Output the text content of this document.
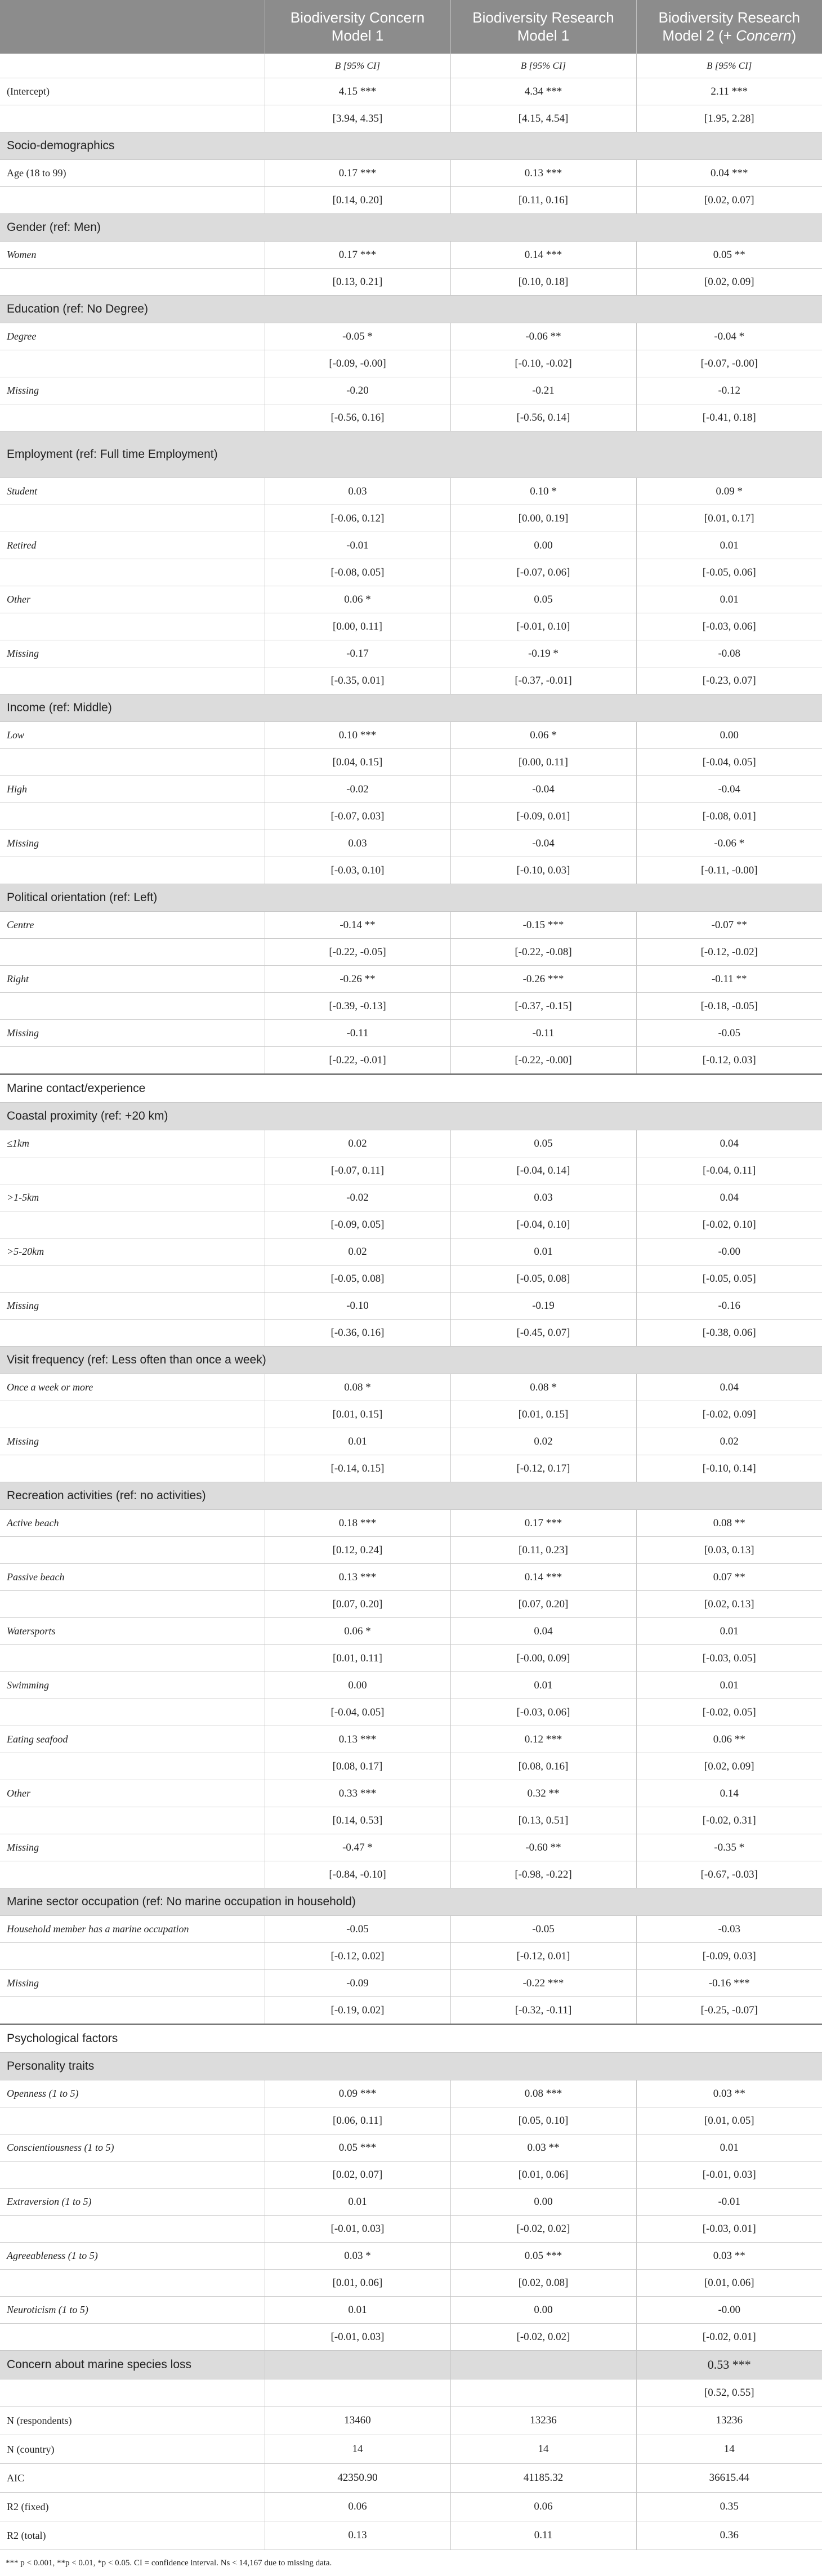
	Biodiversity Concern Model 1	Biodiversity Research Model 1	Biodiversity Research Model 2 (+ Concern)
	B [95% CI]	B [95% CI]	B [95% CI]
(Intercept)	4.15 ***	4.34 ***	2.11 ***
	[3.94, 4.35]	[4.15, 4.54]	[1.95, 2.28]
Socio-demographics			
Age (18 to 99)	0.17 ***	0.13 ***	0.04 ***
	[0.14, 0.20]	[0.11, 0.16]	[0.02, 0.07]
Gender (ref: Men)			
Women	0.17 ***	0.14 ***	0.05 **
	[0.13, 0.21]	[0.10, 0.18]	[0.02, 0.09]
Education (ref: No Degree)			
Degree	-0.05 *	-0.06 **	-0.04 *
	[-0.09, -0.00]	[-0.10, -0.02]	[-0.07, -0.00]
Missing	-0.20	-0.21	-0.12
	[-0.56, 0.16]	[-0.56, 0.14]	[-0.41, 0.18]
Employment (ref: Full time Employment)			
Student	0.03	0.10 *	0.09 *
	[-0.06, 0.12]	[0.00, 0.19]	[0.01, 0.17]
Retired	-0.01	0.00	0.01
	[-0.08, 0.05]	[-0.07, 0.06]	[-0.05, 0.06]
Other	0.06 *	0.05	0.01
	[0.00, 0.11]	[-0.01, 0.10]	[-0.03, 0.06]
Missing	-0.17	-0.19 *	-0.08
	[-0.35, 0.01]	[-0.37, -0.01]	[-0.23, 0.07]
Income (ref: Middle)			
Low	0.10 ***	0.06 *	0.00
	[0.04, 0.15]	[0.00, 0.11]	[-0.04, 0.05]
High	-0.02	-0.04	-0.04
	[-0.07, 0.03]	[-0.09, 0.01]	[-0.08, 0.01]
Missing	0.03	-0.04	-0.06 *
	[-0.03, 0.10]	[-0.10, 0.03]	[-0.11, -0.00]
Political orientation (ref: Left)			
Centre	-0.14 **	-0.15 ***	-0.07 **
	[-0.22, -0.05]	[-0.22, -0.08]	[-0.12, -0.02]
Right	-0.26 **	-0.26 ***	-0.11 **
	[-0.39, -0.13]	[-0.37, -0.15]	[-0.18, -0.05]
Missing	-0.11	-0.11	-0.05
	[-0.22, -0.01]	[-0.22, -0.00]	[-0.12, 0.03]
Marine contact/experience			
Coastal proximity (ref: +20 km)			
≤1km	0.02	0.05	0.04
	[-0.07, 0.11]	[-0.04, 0.14]	[-0.04, 0.11]
>1-5km	-0.02	0.03	0.04
	[-0.09, 0.05]	[-0.04, 0.10]	[-0.02, 0.10]
>5-20km	0.02	0.01	-0.00
	[-0.05, 0.08]	[-0.05, 0.08]	[-0.05, 0.05]
Missing	-0.10	-0.19	-0.16
	[-0.36, 0.16]	[-0.45, 0.07]	[-0.38, 0.06]
Visit frequency (ref: Less often than once a week)			
Once a week or more	0.08 *	0.08 *	0.04
	[0.01, 0.15]	[0.01, 0.15]	[-0.02, 0.09]
Missing	0.01	0.02	0.02
	[-0.14, 0.15]	[-0.12, 0.17]	[-0.10, 0.14]
Recreation activities (ref: no activities)			
Active beach	0.18 ***	0.17 ***	0.08 **
	[0.12, 0.24]	[0.11, 0.23]	[0.03, 0.13]
Passive beach	0.13 ***	0.14 ***	0.07 **
	[0.07, 0.20]	[0.07, 0.20]	[0.02, 0.13]
Watersports	0.06 *	0.04	0.01
	[0.01, 0.11]	[-0.00, 0.09]	[-0.03, 0.05]
Swimming	0.00	0.01	0.01
	[-0.04, 0.05]	[-0.03, 0.06]	[-0.02, 0.05]
Eating seafood	0.13 ***	0.12 ***	0.06 **
	[0.08, 0.17]	[0.08, 0.16]	[0.02, 0.09]
Other	0.33 ***	0.32 **	0.14
	[0.14, 0.53]	[0.13, 0.51]	[-0.02, 0.31]
Missing	-0.47 *	-0.60 **	-0.35 *
	[-0.84, -0.10]	[-0.98, -0.22]	[-0.67, -0.03]
Marine sector occupation (ref: No marine occupation in household)			
Household member has a marine occupation	-0.05	-0.05	-0.03
	[-0.12, 0.02]	[-0.12, 0.01]	[-0.09, 0.03]
Missing	-0.09	-0.22 ***	-0.16 ***
	[-0.19, 0.02]	[-0.32, -0.11]	[-0.25, -0.07]
Psychological factors			
Personality traits			
Openness (1 to 5)	0.09 ***	0.08 ***	0.03 **
	[0.06, 0.11]	[0.05, 0.10]	[0.01, 0.05]
Conscientiousness (1 to 5)	0.05 ***	0.03 **	0.01
	[0.02, 0.07]	[0.01, 0.06]	[-0.01, 0.03]
Extraversion (1 to 5)	0.01	0.00	-0.01
	[-0.01, 0.03]	[-0.02, 0.02]	[-0.03, 0.01]
Agreeableness (1 to 5)	0.03 *	0.05 ***	0.03 **
	[0.01, 0.06]	[0.02, 0.08]	[0.01, 0.06]
Neuroticism (1 to 5)	0.01	0.00	-0.00
	[-0.01, 0.03]	[-0.02, 0.02]	[-0.02, 0.01]
Concern about marine species loss			0.53 ***
			[0.52, 0.55]
N (respondents)	13460	13236	13236
N (country)	14	14	14
AIC	42350.90	41185.32	36615.44
R2 (fixed)	0.06	0.06	0.35
R2 (total)	0.13	0.11	0.36
*** p < 0.001, **p < 0.01, *p < 0.05. CI = confidence interval. Ns < 14,167 due to missing data.
